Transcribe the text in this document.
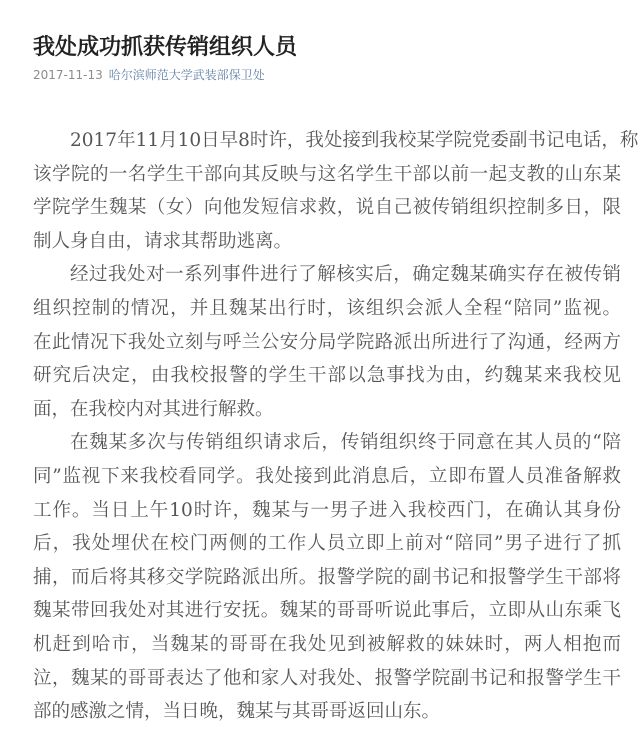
我处成功抓获传销组织人员
2017-11-13 哈尔滨师范大学武装部保卫处
2017年11月10日早8时许，我处接到我校某学院党委副书记电话，称
该学院的一名学生干部向其反映与这名学生干部以前一起支教的山东某
学院学生魏某（女）向他发短信求救，说自己被传销组织控制多日，限
制人身自由，请求其帮助逃离。
经过我处对一系列事件进行了解核实后，确定魏某确实存在被传销
组织控制的情况，并且魏某出行时，该组织会派人全程“陪同”监视。
在此情况下我处立刻与呼兰公安分局学院路派出所进行了沟通，经两方
研究后决定，由我校报警的学生干部以急事找为由，约魏某来我校见
面，在我校内对其进行解救。
在魏某多次与传销组织请求后，传销组织终于同意在其人员的“陪
同”监视下来我校看同学。我处接到此消息后，立即布置人员准备解救
工作。当日上午10时许，魏某与一男子进入我校西门，在确认其身份
后，我处埋伏在校门两侧的工作人员立即上前对“陪同”男子进行了抓
捕，而后将其移交学院路派出所。报警学院的副书记和报警学生干部将
魏某带回我处对其进行安抚。魏某的哥哥听说此事后，立即从山东乘飞
机赶到哈市，当魏某的哥哥在我处见到被解救的妹妹时，两人相抱而
泣，魏某的哥哥表达了他和家人对我处、报警学院副书记和报警学生干
部的感激之情，当日晚，魏某与其哥哥返回山东。
